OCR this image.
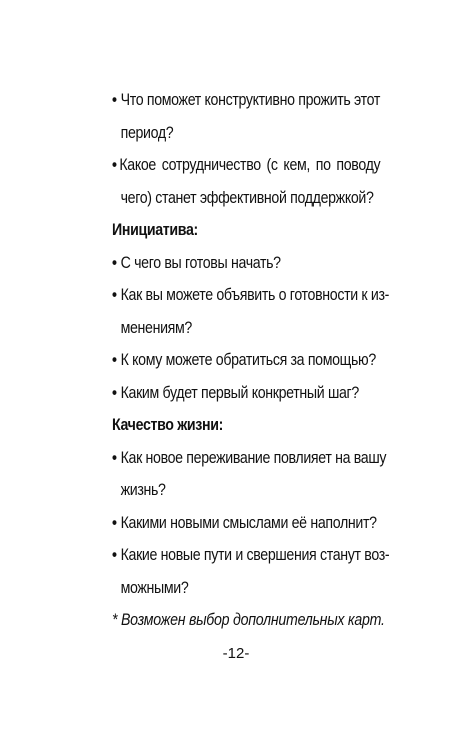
• Что поможет конструктивно прожить этот
период?
• Какое сотрудничество (с кем, по поводу
чего) станет эффективной поддержкой?
Инициатива:
• С чего вы готовы начать?
• Как вы можете объявить о готовности к из-
менениям?
• К кому можете обратиться за помощью?
• Каким будет первый конкретный шаг?
Качество жизни:
• Как новое переживание повлияет на вашу
жизнь?
• Какими новыми смыслами её наполнит?
• Какие новые пути и свершения станут воз-
можными?
* Возможен выбор дополнительных карт.
-12-
